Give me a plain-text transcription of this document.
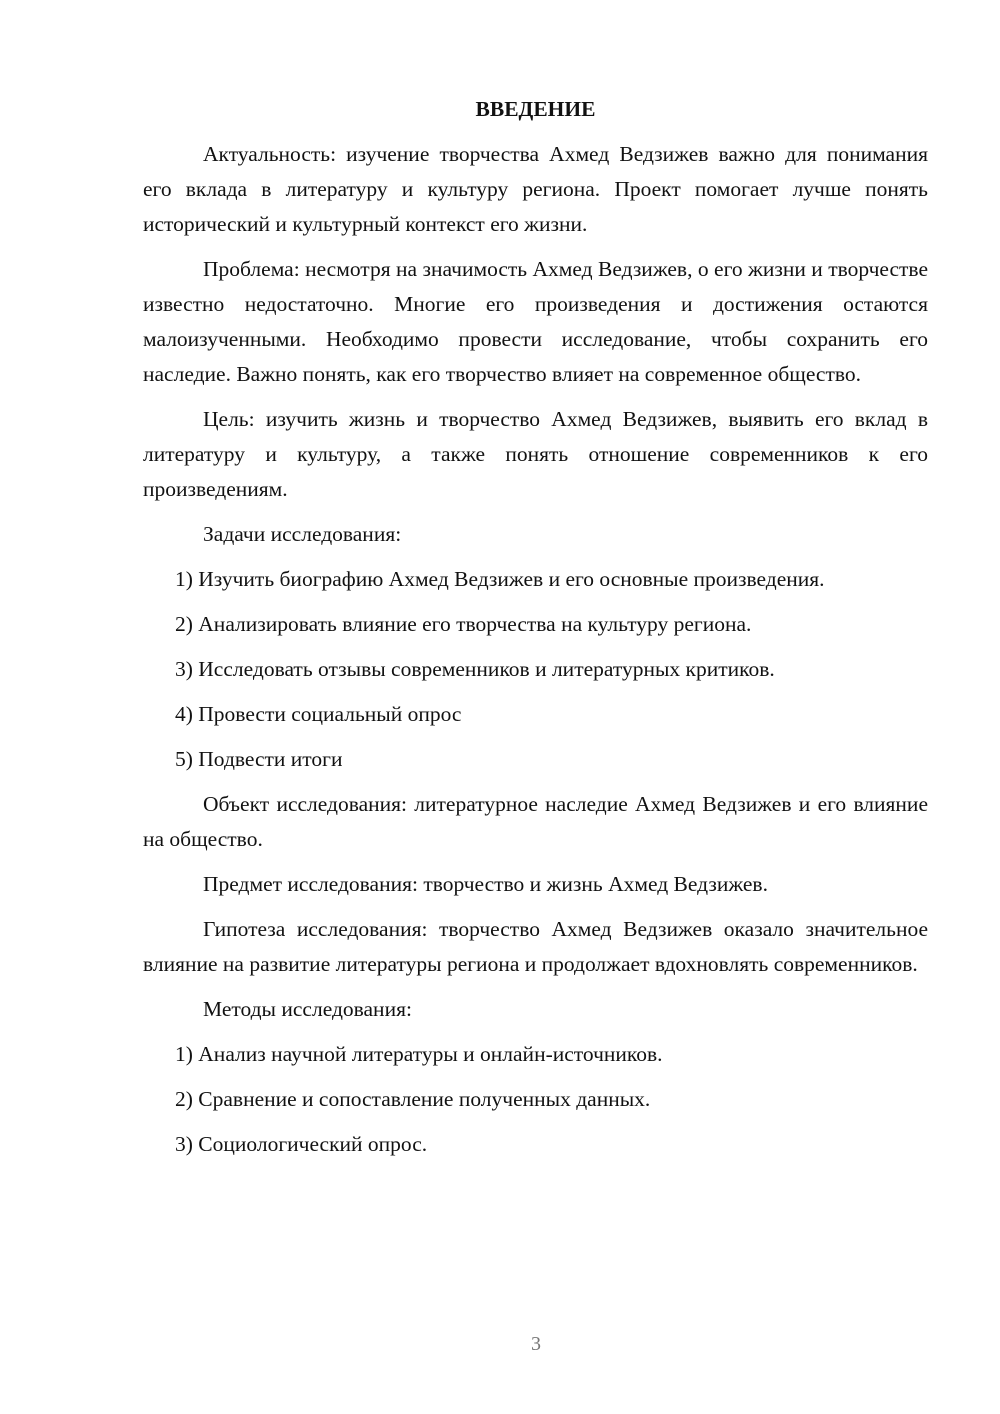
ВВЕДЕНИЕ

Актуальность: изучение творчества Ахмед Ведзижев важно для понимания его вклада в литературу и культуру региона. Проект помогает лучше понять исторический и культурный контекст его жизни.

Проблема: несмотря на значимость Ахмед Ведзижев, о его жизни и творчестве известно недостаточно. Многие его произведения и достижения остаются малоизученными. Необходимо провести исследование, чтобы сохранить его наследие. Важно понять, как его творчество влияет на современное общество.

Цель: изучить жизнь и творчество Ахмед Ведзижев, выявить его вклад в литературу и культуру, а также понять отношение современников к его произведениям.

Задачи исследования:
1) Изучить биографию Ахмед Ведзижев и его основные произведения.
2) Анализировать влияние его творчества на культуру региона.
3) Исследовать отзывы современников и литературных критиков.
4) Провести социальный опрос
5) Подвести итоги

Объект исследования: литературное наследие Ахмед Ведзижев и его влияние на общество.

Предмет исследования: творчество и жизнь Ахмед Ведзижев.

Гипотеза исследования: творчество Ахмед Ведзижев оказало значительное влияние на развитие литературы региона и продолжает вдохновлять современников.

Методы исследования:
1) Анализ научной литературы и онлайн-источников.
2) Сравнение и сопоставление полученных данных.
3) Социологический опрос.
3
